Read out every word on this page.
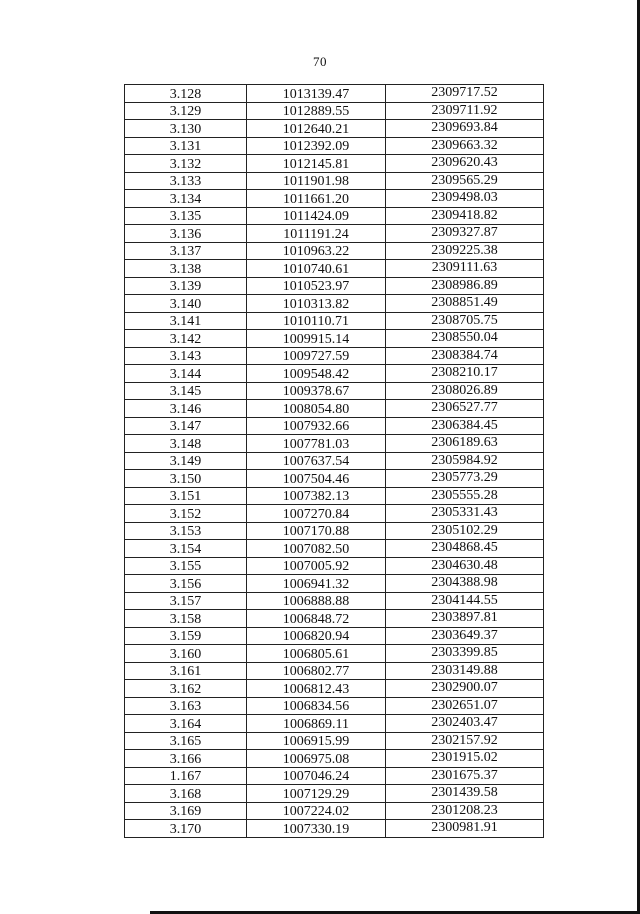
70
3.128	1013139.47	2309717.52
3.129	1012889.55	2309711.92
3.130	1012640.21	2309693.84
3.131	1012392.09	2309663.32
3.132	1012145.81	2309620.43
3.133	1011901.98	2309565.29
3.134	1011661.20	2309498.03
3.135	1011424.09	2309418.82
3.136	1011191.24	2309327.87
3.137	1010963.22	2309225.38
3.138	1010740.61	2309111.63
3.139	1010523.97	2308986.89
3.140	1010313.82	2308851.49
3.141	1010110.71	2308705.75
3.142	1009915.14	2308550.04
3.143	1009727.59	2308384.74
3.144	1009548.42	2308210.17
3.145	1009378.67	2308026.89
3.146	1008054.80	2306527.77
3.147	1007932.66	2306384.45
3.148	1007781.03	2306189.63
3.149	1007637.54	2305984.92
3.150	1007504.46	2305773.29
3.151	1007382.13	2305555.28
3.152	1007270.84	2305331.43
3.153	1007170.88	2305102.29
3.154	1007082.50	2304868.45
3.155	1007005.92	2304630.48
3.156	1006941.32	2304388.98
3.157	1006888.88	2304144.55
3.158	1006848.72	2303897.81
3.159	1006820.94	2303649.37
3.160	1006805.61	2303399.85
3.161	1006802.77	2303149.88
3.162	1006812.43	2302900.07
3.163	1006834.56	2302651.07
3.164	1006869.11	2302403.47
3.165	1006915.99	2302157.92
3.166	1006975.08	2301915.02
1.167	1007046.24	2301675.37
3.168	1007129.29	2301439.58
3.169	1007224.02	2301208.23
3.170	1007330.19	2300981.91
